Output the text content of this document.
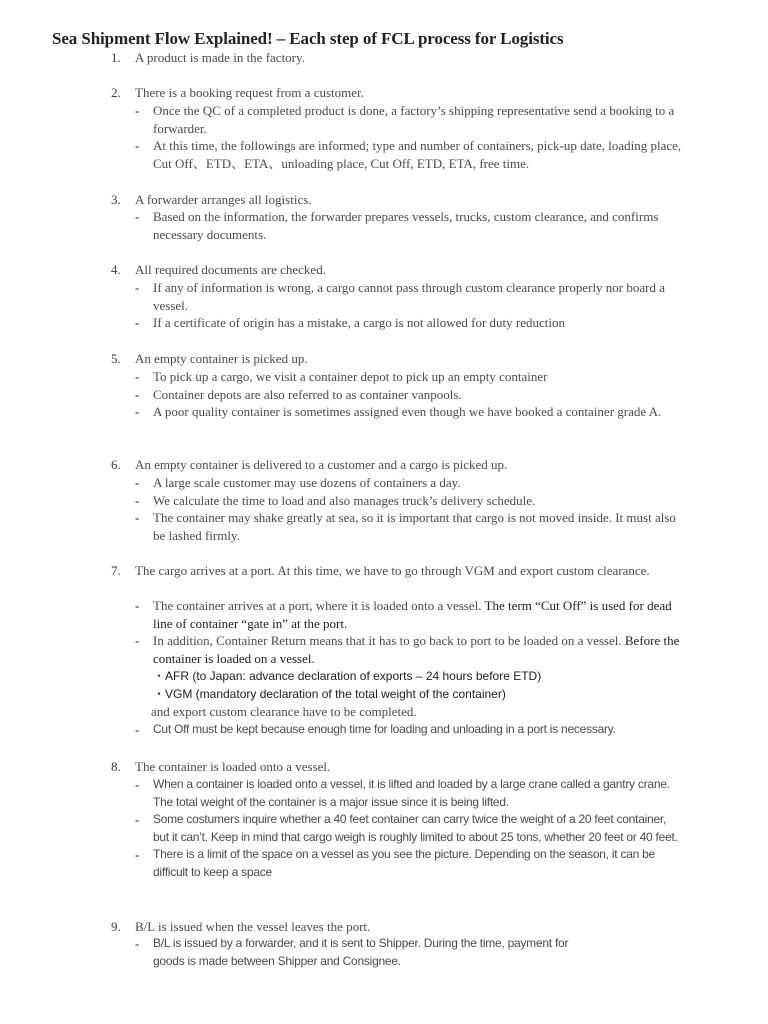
Sea Shipment Flow Explained! – Each step of FCL process for Logistics
1.	A product is made in the factory.
2.	There is a booking request from a customer.
-	Once the QC of a completed product is done, a factory’s shipping representative send a booking to a forwarder.
-	At this time, the followings are informed; type and number of containers, pick-up date, loading place, Cut Off、ETD、ETA、unloading place, Cut Off, ETD, ETA, free time.
3.	A forwarder arranges all logistics.
-	Based on the information, the forwarder prepares vessels, trucks, custom clearance, and confirms necessary documents.
4.	All required documents are checked.
-	If any of information is wrong, a cargo cannot pass through custom clearance properly nor board a vessel.
-	If a certificate of origin has a mistake, a cargo is not allowed for duty reduction
5.	An empty container is picked up.
-	To pick up a cargo, we visit a container depot to pick up an empty container
-	Container depots are also referred to as container vanpools.
-	A poor quality container is sometimes assigned even though we have booked a container grade A.
6.	An empty container is delivered to a customer and a cargo is picked up.
-	A large scale customer may use dozens of containers a day.
-	We calculate the time to load and also manages truck’s delivery schedule.
-	The container may shake greatly at sea, so it is important that cargo is not moved inside. It must also be lashed firmly.
7.	The cargo arrives at a port. At this time, we have to go through VGM and export custom clearance.
-	The container arrives at a port, where it is loaded onto a vessel. The term “Cut Off” is used for dead line of container “gate in” at the port.
-	In addition, Container Return means that it has to go back to port to be loaded on a vessel. Before the container is loaded on a vessel.
・AFR (to Japan: advance declaration of exports – 24 hours before ETD)
・VGM (mandatory declaration of the total weight of the container)
and export custom clearance have to be completed.
-	Cut Off must be kept because enough time for loading and unloading in a port is necessary.
8.	The container is loaded onto a vessel.
-	When a container is loaded onto a vessel, it is lifted and loaded by a large crane called a gantry crane. The total weight of the container is a major issue since it is being lifted.
-	Some costumers inquire whether a 40 feet container can carry twice the weight of a 20 feet container, but it can’t. Keep in mind that cargo weigh is roughly limited to about 25 tons, whether 20 feet or 40 feet.
-	There is a limit of the space on a vessel as you see the picture. Depending on the season, it can be difficult to keep a space
9.	B/L is issued when the vessel leaves the port.
-	B/L is issued by a forwarder, and it is sent to Shipper. During the time, payment for goods is made between Shipper and Consignee.
